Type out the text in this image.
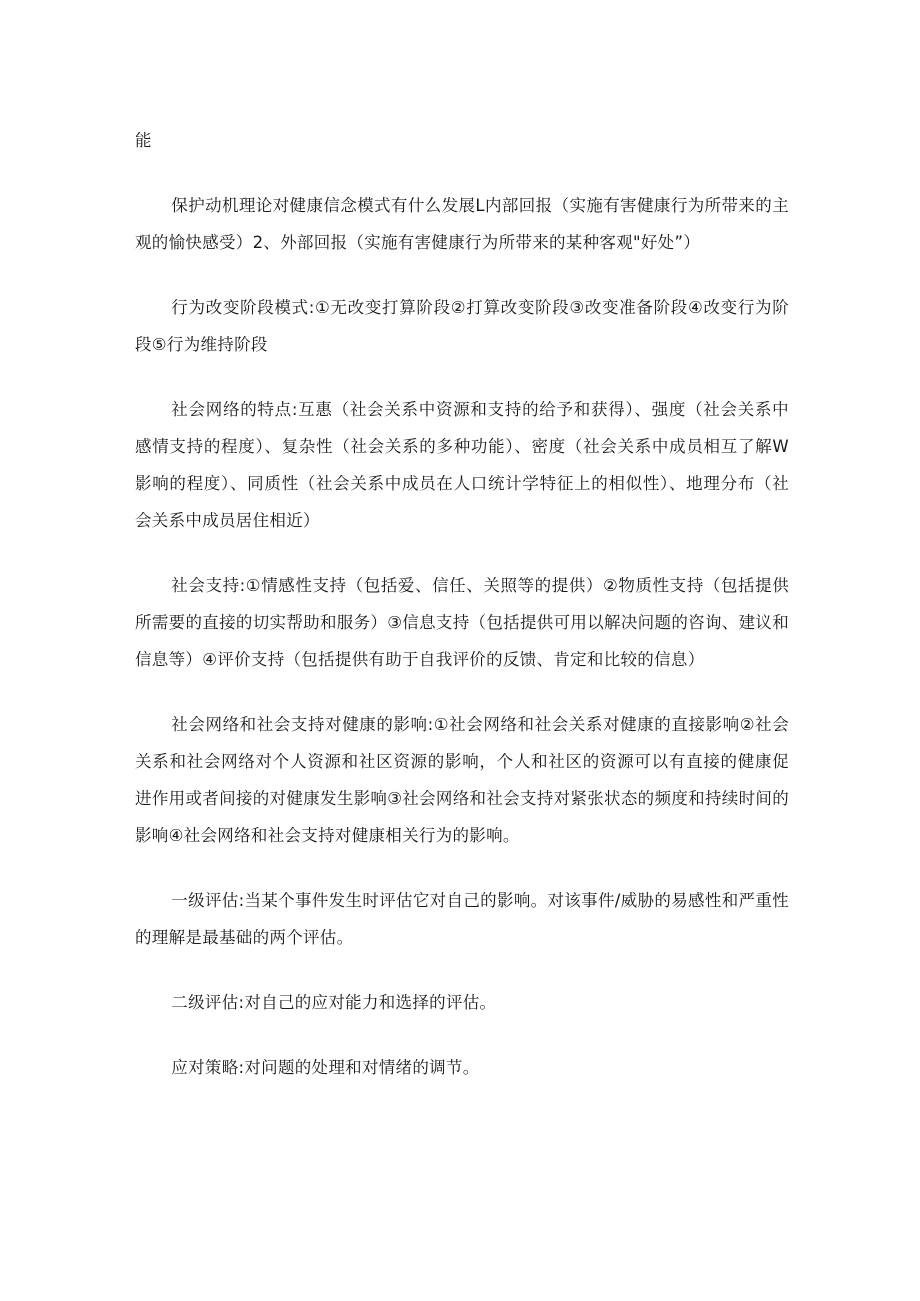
能

保护动机理论对健康信念模式有什么发展L内部回报（实施有害健康行为所带来的主观的愉快感受）2、外部回报（实施有害健康行为所带来的某种客观"好处”）

行为改变阶段模式:①无改变打算阶段②打算改变阶段③改变准备阶段④改变行为阶段⑤行为维持阶段

社会网络的特点:互惠（社会关系中资源和支持的给予和获得）、强度（社会关系中感情支持的程度）、复杂性（社会关系的多种功能）、密度（社会关系中成员相互了解W影响的程度）、同质性（社会关系中成员在人口统计学特征上的相似性）、地理分布（社会关系中成员居住相近）

社会支持:①情感性支持（包括爱、信任、关照等的提供）②物质性支持（包括提供所需要的直接的切实帮助和服务）③信息支持（包括提供可用以解决问题的咨询、建议和信息等）④评价支持（包括提供有助于自我评价的反馈、肯定和比较的信息）

社会网络和社会支持对健康的影响:①社会网络和社会关系对健康的直接影响②社会关系和社会网络对个人资源和社区资源的影响，个人和社区的资源可以有直接的健康促进作用或者间接的对健康发生影响③社会网络和社会支持对紧张状态的频度和持续时间的影响④社会网络和社会支持对健康相关行为的影响。

一级评估:当某个事件发生时评估它对自己的影响。对该事件/威胁的易感性和严重性的理解是最基础的两个评估。

二级评估:对自己的应对能力和选择的评估。

应对策略:对问题的处理和对情绪的调节。
